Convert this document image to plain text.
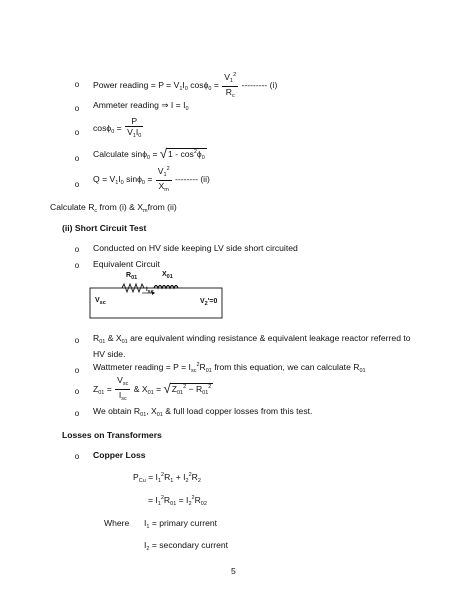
o	Power reading = $P = V_1I_0$ $\cos\phi_0 = \frac{V_1^2}{R_c}$ --------- (i)
o	Ammeter reading ⇒ $I = I_0$
o	$\cos\phi_0 = \frac{P}{V_1I_0}$
o	Calculate $\sin\phi_0 = √1 - \cos^2\phi_0$
o
$Q = V_1I_0$ $\sin\phi_0 = \frac{V_1^2}{X_m}$ -------- (ii)
Calculate $R_c$ from (i) & $X_mfrom$ (ii)
(ii) Short Circuit Test
o	Conducted on HV side keeping LV side short circuited
o	Equivalent Circuit
$R_{01}$	$X_{01}$
$I_{sc}$
$V_{sc}$	$V_2'=0$
o	$R_{01}$ & $X_{01}$ are equivalent winding resistance & equivalent leakage reactor referred to
HV side.
o	Wattmeter reading = $P = I_{sc}^2R_{01}$ from this equation, we can calculate $R_{01}$
o	$Z_{01} = \frac{V_{sc}}{I_{sc}}$ & $X_{01} = √Z_{01}^2 - R_{01}^2$
o	We obtain $R_{01}$, $X_{01}$ & full load copper losses from this test.
Losses on Transformers
o	Copper Loss
$P_{Cu} = I_1^2R_1 + I_2^2R_2$
= $I_1^2R_{01} = I_2^2R_{02}$
Where $I_1$ = primary current
$I_2$ = secondary current
5
